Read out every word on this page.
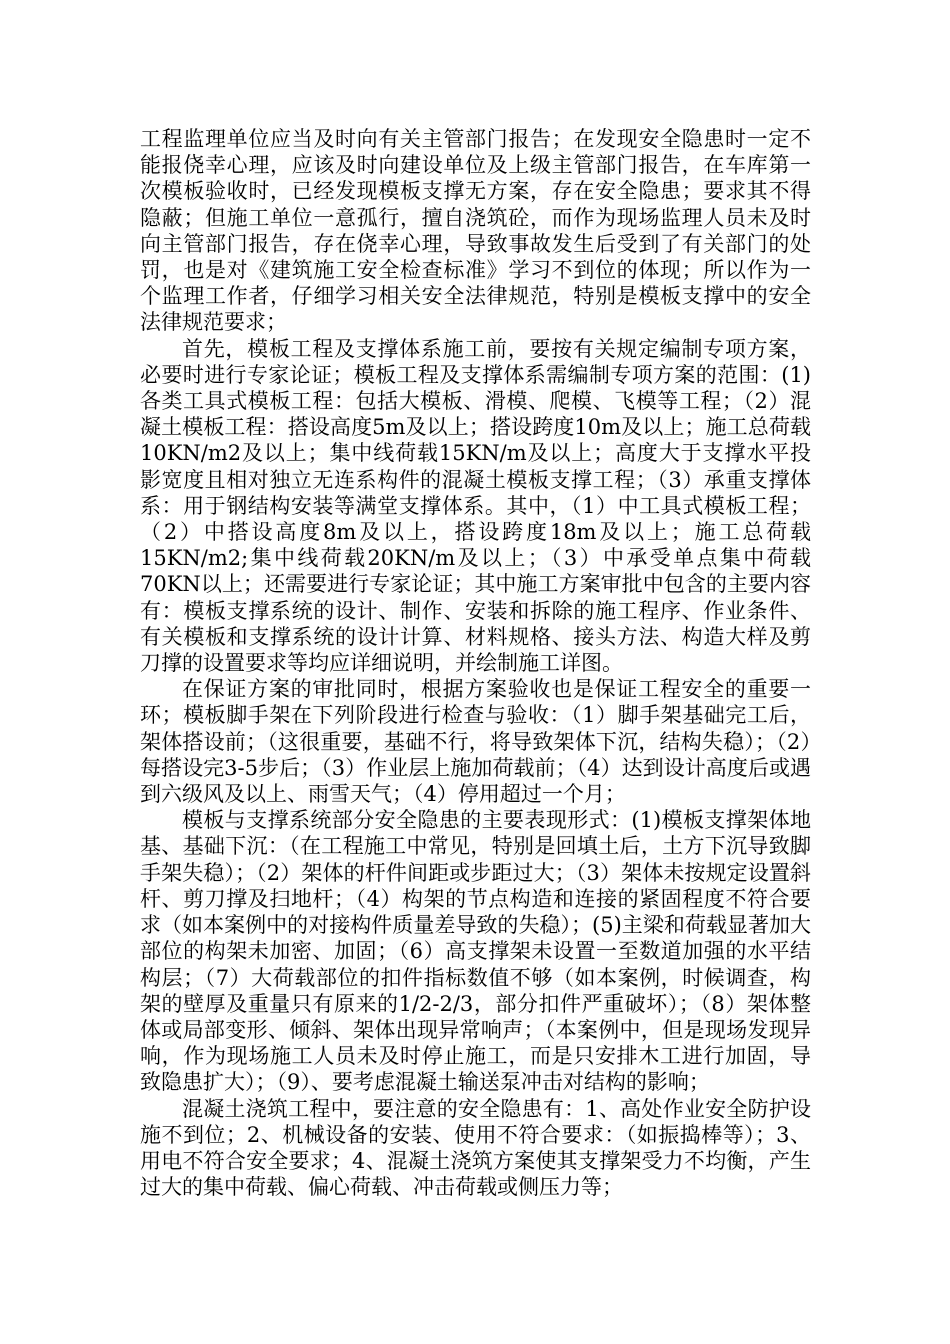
工程监理单位应当及时向有关主管部门报告；在发现安全隐患时一定不能报侥幸心理，应该及时向建设单位及上级主管部门报告，在车库第一次模板验收时，已经发现模板支撑无方案，存在安全隐患；要求其不得隐蔽；但施工单位一意孤行，擅自浇筑砼，而作为现场监理人员未及时向主管部门报告，存在侥幸心理，导致事故发生后受到了有关部门的处罚，也是对《建筑施工安全检查标准》学习不到位的体现；所以作为一个监理工作者，仔细学习相关安全法律规范，特别是模板支撑中的安全法律规范要求；

首先，模板工程及支撑体系施工前，要按有关规定编制专项方案，必要时进行专家论证；模板工程及支撑体系需编制专项方案的范围：(1)各类工具式模板工程：包括大模板、滑模、爬模、飞模等工程；（2）混凝土模板工程：搭设高度5m及以上；搭设跨度10m及以上；施工总荷载10KN/m2及以上；集中线荷载15KN/m及以上；高度大于支撑水平投影宽度且相对独立无连系构件的混凝土模板支撑工程；（3）承重支撑体系：用于钢结构安装等满堂支撑体系。其中，（1）中工具式模板工程；（2）中搭设高度8m及以上，搭设跨度18m及以上；施工总荷载15KN/m2;集中线荷载20KN/m及以上；（3）中承受单点集中荷载70KN以上；还需要进行专家论证；其中施工方案审批中包含的主要内容有：模板支撑系统的设计、制作、安装和拆除的施工程序、作业条件、有关模板和支撑系统的设计计算、材料规格、接头方法、构造大样及剪刀撑的设置要求等均应详细说明，并绘制施工详图。

在保证方案的审批同时，根据方案验收也是保证工程安全的重要一环；模板脚手架在下列阶段进行检查与验收：（1）脚手架基础完工后，架体搭设前；（这很重要，基础不行，将导致架体下沉，结构失稳）；（2）每搭设完3-5步后；（3）作业层上施加荷载前；（4）达到设计高度后或遇到六级风及以上、雨雪天气；（4）停用超过一个月；

模板与支撑系统部分安全隐患的主要表现形式：(1)模板支撑架体地基、基础下沉：（在工程施工中常见，特别是回填土后，土方下沉导致脚手架失稳）；（2）架体的杆件间距或步距过大；（3）架体未按规定设置斜杆、剪刀撑及扫地杆；（4）构架的节点构造和连接的紧固程度不符合要求（如本案例中的对接构件质量差导致的失稳）；(5)主梁和荷载显著加大部位的构架未加密、加固；（6）高支撑架未设置一至数道加强的水平结构层；（7）大荷载部位的扣件指标数值不够（如本案例，时候调查，构架的壁厚及重量只有原来的1/2-2/3，部分扣件严重破坏）；（8）架体整体或局部变形、倾斜、架体出现异常响声；（本案例中，但是现场发现异响，作为现场施工人员未及时停止施工，而是只安排木工进行加固，导致隐患扩大）；（9）、要考虑混凝土输送泵冲击对结构的影响；

混凝土浇筑工程中，要注意的安全隐患有：1、高处作业安全防护设施不到位；2、机械设备的安装、使用不符合要求：（如振捣棒等）；3、用电不符合安全要求；4、混凝土浇筑方案使其支撑架受力不均衡，产生过大的集中荷载、偏心荷载、冲击荷载或侧压力等；
